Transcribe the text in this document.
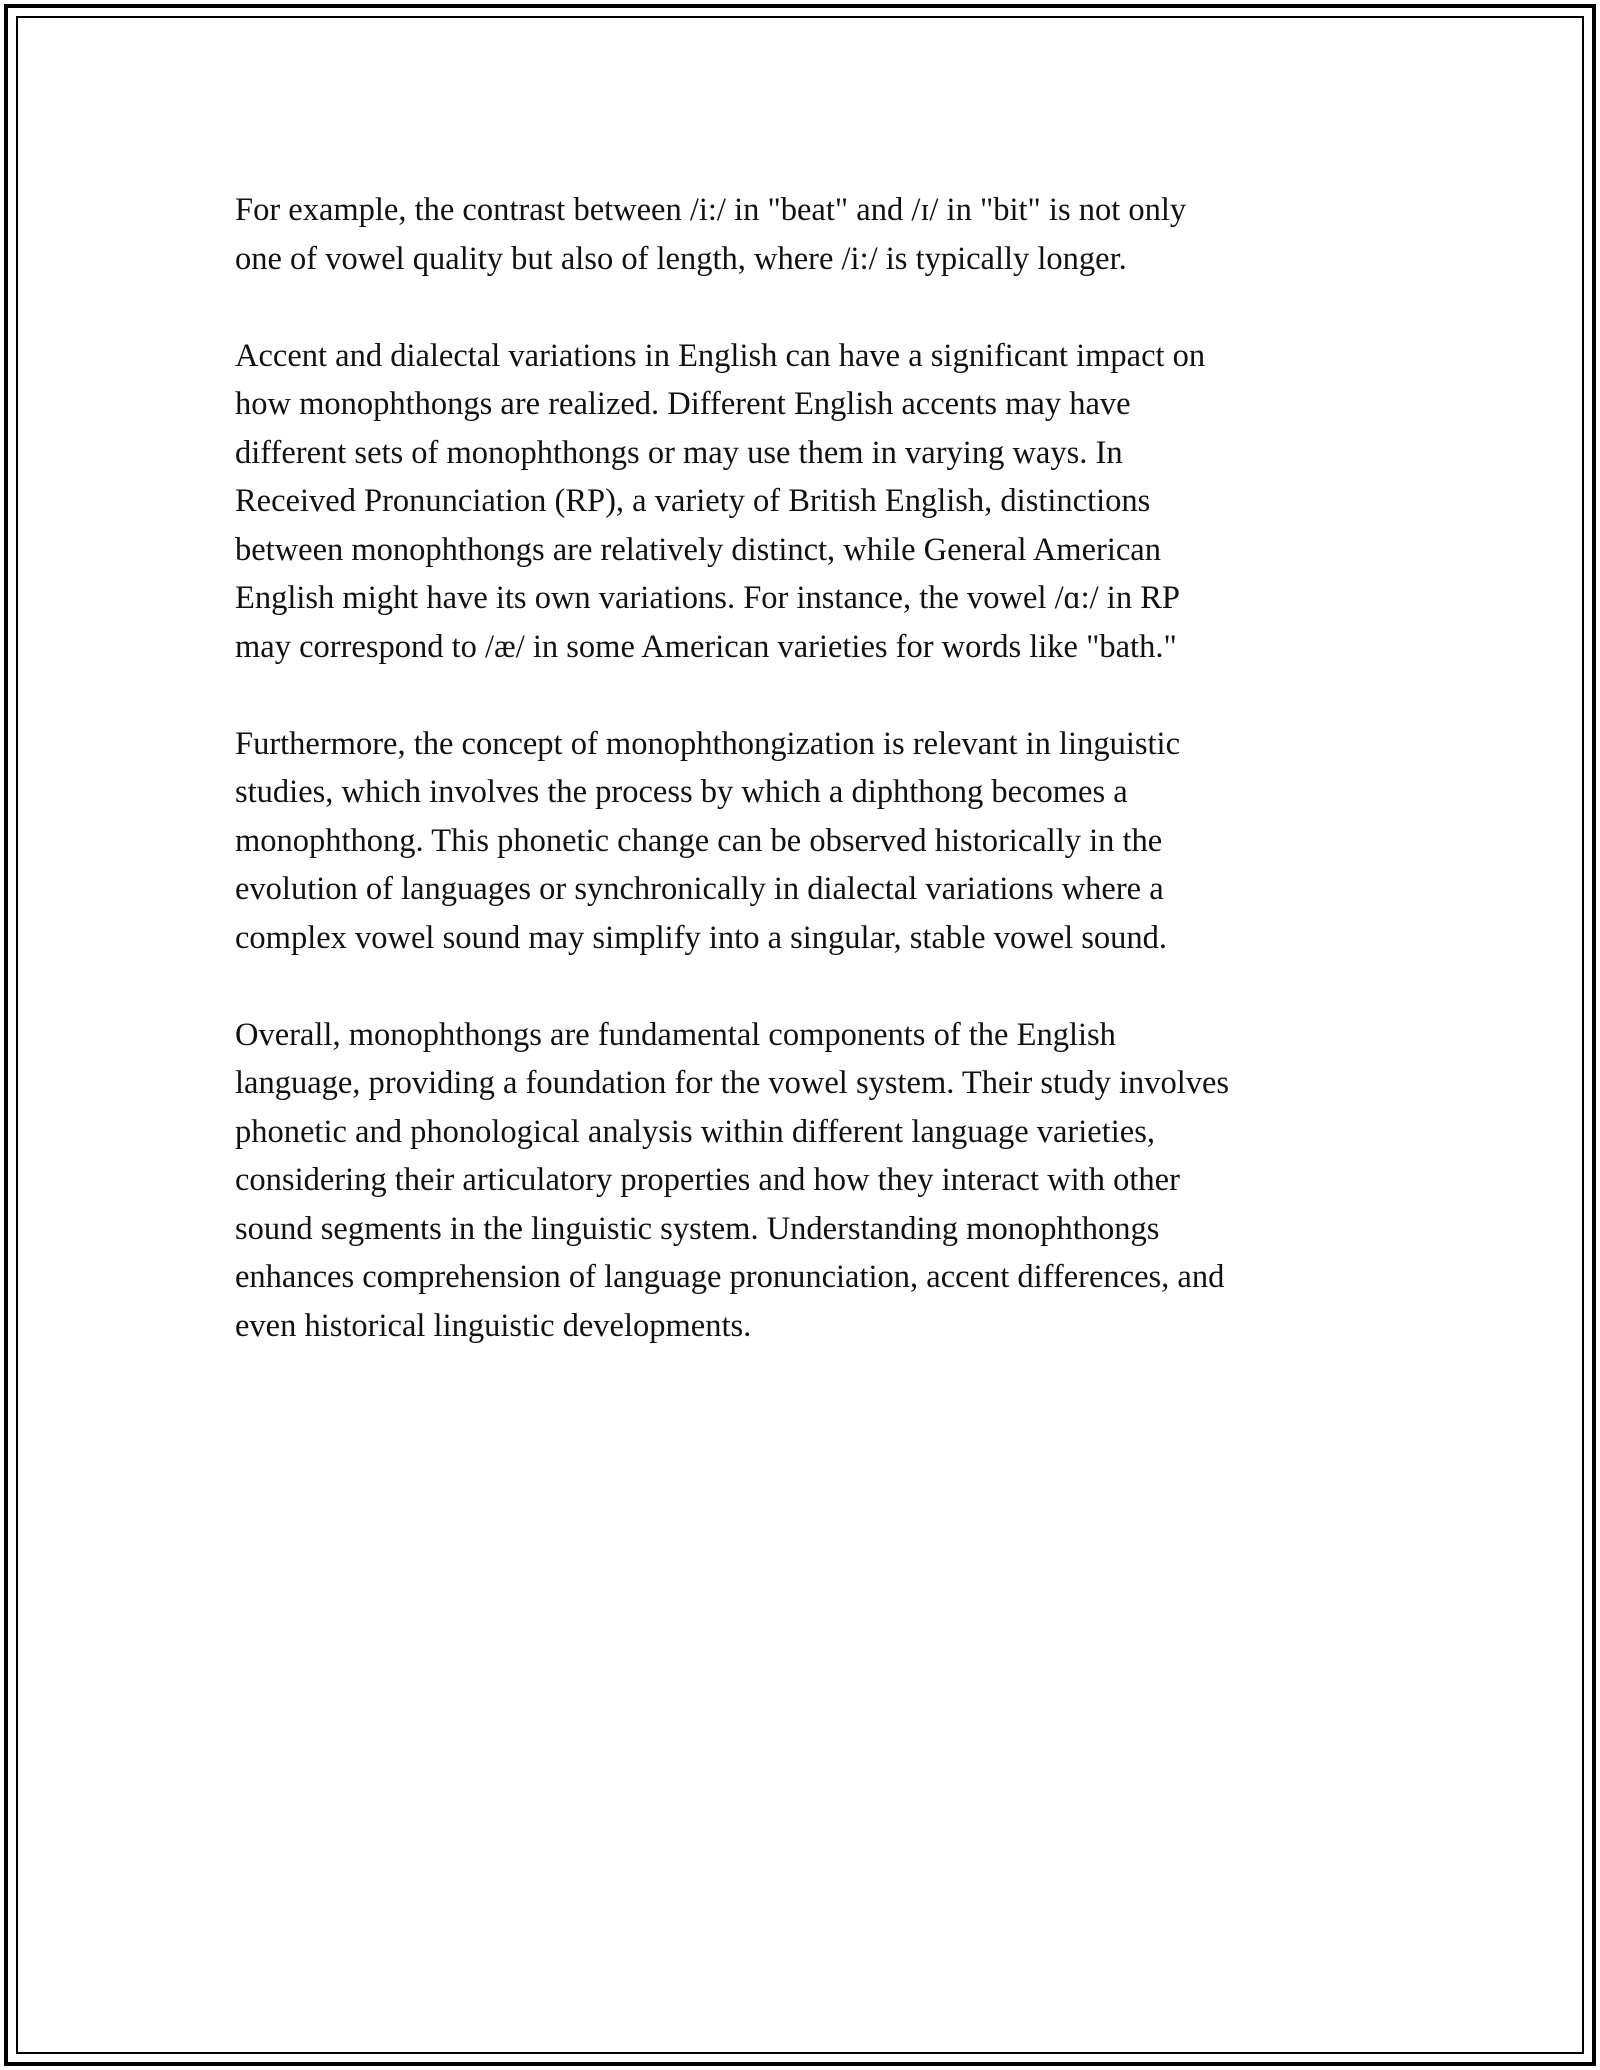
For example, the contrast between /i:/ in "beat" and /ɪ/ in "bit" is not only
one of vowel quality but also of length, where /i:/ is typically longer.

Accent and dialectal variations in English can have a significant impact on
how monophthongs are realized. Different English accents may have
different sets of monophthongs or may use them in varying ways. In
Received Pronunciation (RP), a variety of British English, distinctions
between monophthongs are relatively distinct, while General American
English might have its own variations. For instance, the vowel /ɑ:/ in RP
may correspond to /æ/ in some American varieties for words like "bath."

Furthermore, the concept of monophthongization is relevant in linguistic
studies, which involves the process by which a diphthong becomes a
monophthong. This phonetic change can be observed historically in the
evolution of languages or synchronically in dialectal variations where a
complex vowel sound may simplify into a singular, stable vowel sound.

Overall, monophthongs are fundamental components of the English
language, providing a foundation for the vowel system. Their study involves
phonetic and phonological analysis within different language varieties,
considering their articulatory properties and how they interact with other
sound segments in the linguistic system. Understanding monophthongs
enhances comprehension of language pronunciation, accent differences, and
even historical linguistic developments.
